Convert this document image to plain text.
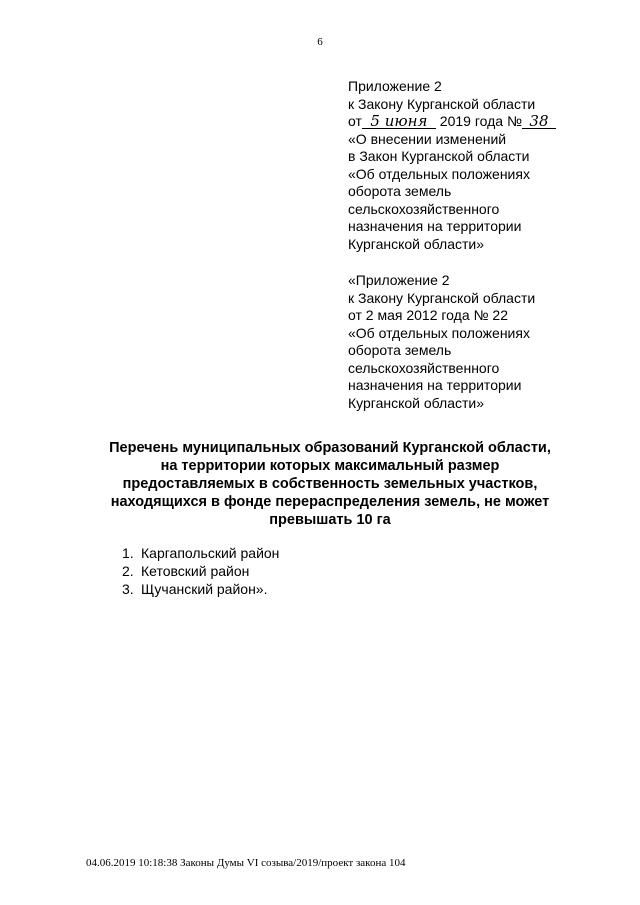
6
Приложение 2
к Закону Курганской области
от 5 июня 2019 года № 38
«О внесении изменений
в Закон Курганской области
«Об отдельных положениях
оборота земель
сельскохозяйственного
назначения на территории
Курганской области»
«Приложение 2
к Закону Курганской области
от 2 мая 2012 года № 22
«Об отдельных положениях
оборота земель
сельскохозяйственного
назначения на территории
Курганской области»
Перечень муниципальных образований Курганской области,
на территории которых максимальный размер
предоставляемых в собственность земельных участков,
находящихся в фонде перераспределения земель, не может
превышать 10 га
1. Каргапольский район
2. Кетовский район
3. Щучанский район».
04.06.2019 10:18:38 Законы Думы VI созыва/2019/проект закона 104
